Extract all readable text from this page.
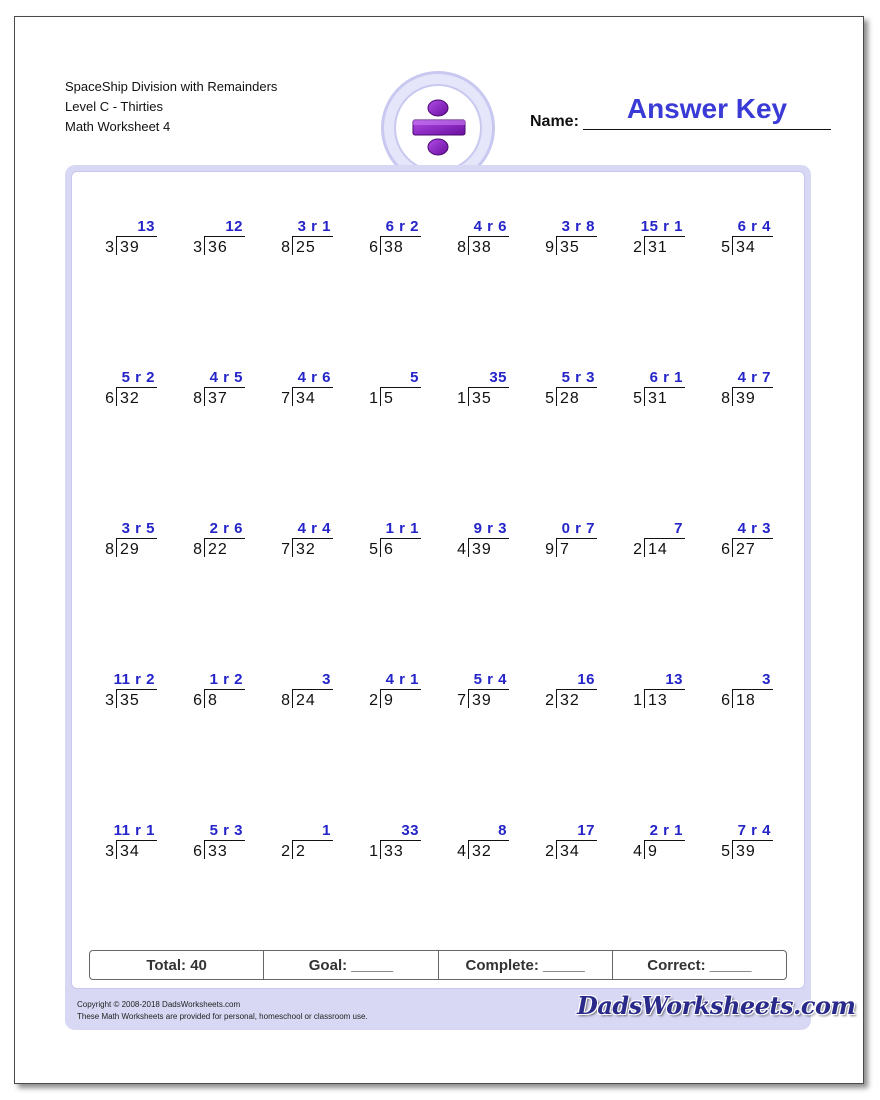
SpaceShip Division with Remainders
Level C - Thirties
Math Worksheet 4	Name:	Answer Key
13
3 39
12
3 36
3 r 1
8 25
6 r 2
6 38
4 r 6
8 38
3 r 8
9 35
15 r 1
2 31
6 r 4
5 34
5 r 2
6 32
4 r 5
8 37
4 r 6
7 34
5
1 5
35
1 35
5 r 3
5 28
6 r 1
5 31
4 r 7
8 39
3 r 5
8 29
2 r 6
8 22
4 r 4
7 32
1 r 1
5 6
9 r 3
4 39
0 r 7
9 7
7
2 14
4 r 3
6 27
11 r 2
3 35
1 r 2
6 8
3
8 24
4 r 1
2 9
5 r 4
7 39
16
2 32
13
1 13
3
6 18
11 r 1
3 34
5 r 3
6 33
1
2 2
33
1 33
8
4 32
17
2 34
2 r 1
4 9
7 r 4
5 39
Total: 40	Goal: _____	Complete: _____	Correct: _____
Copyright © 2008-2018 DadsWorksheets.com
These Math Worksheets are provided for personal, homeschool or classroom use.	DadsWorksheets.com
